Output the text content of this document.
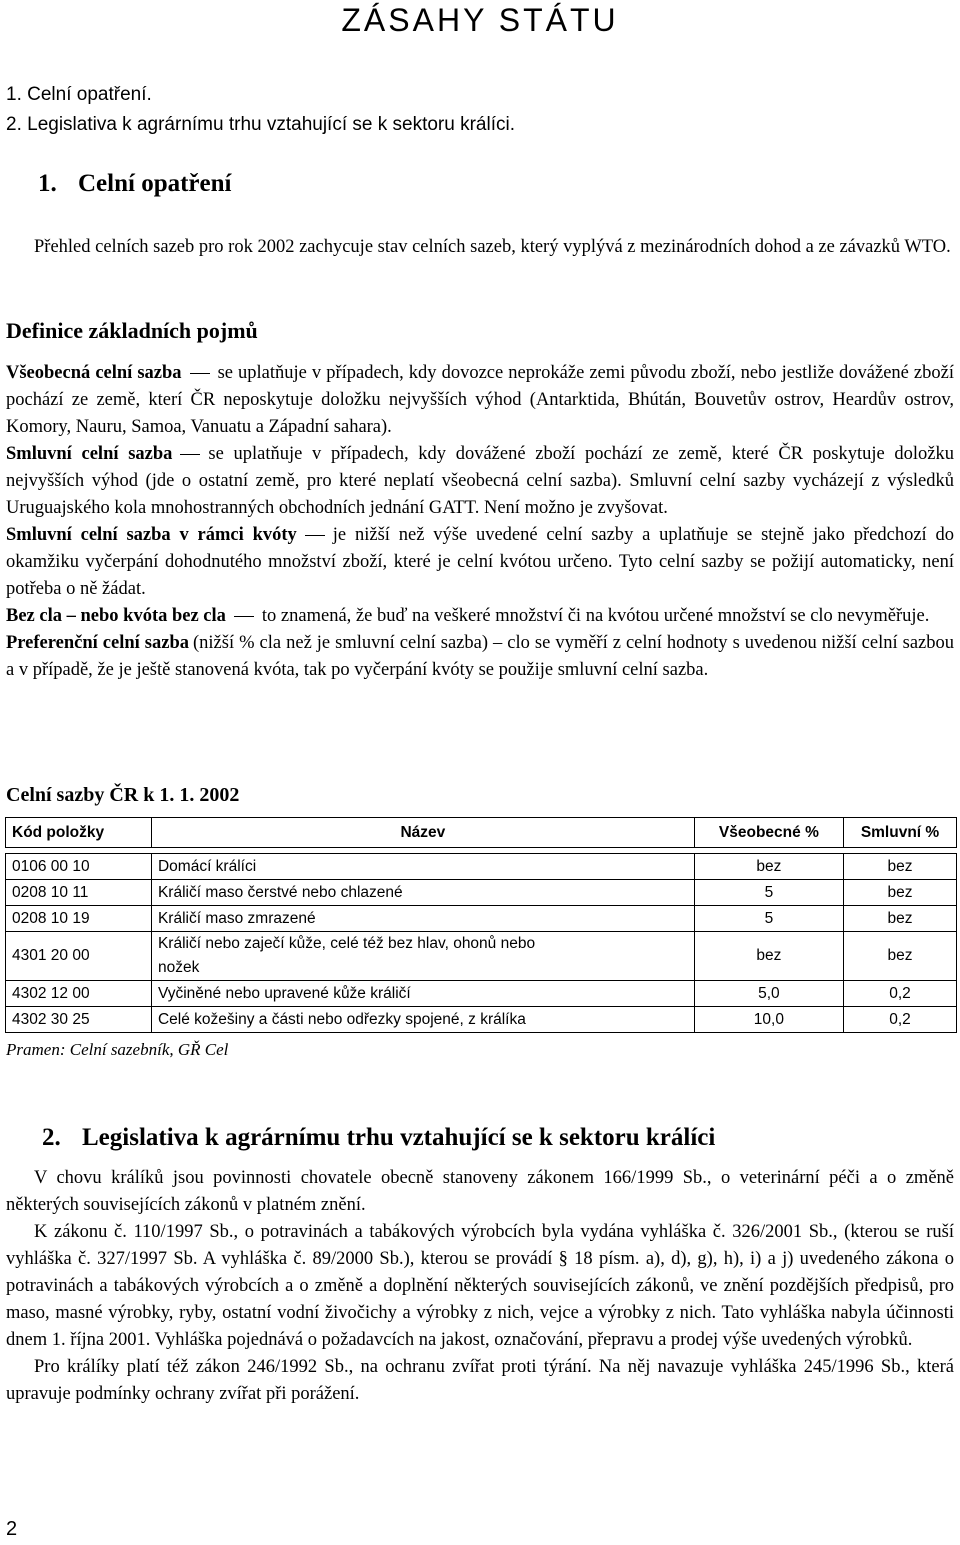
ZÁSAHY STÁTU
1. Celní opatření.
2. Legislativa k agrárnímu trhu vztahující se k sektoru králíci.
1. Celní opatření

Přehled celních sazeb pro rok 2002 zachycuje stav celních sazeb, který vyplývá z mezinárodních dohod a ze závazků WTO.

Definice základních pojmů

Všeobecná celní sazba se uplatňuje v případech, kdy dovozce neprokáže zemi původu zboží, nebo jestliže dovážené zboží pochází ze země, kterí ČR neposkytuje doložku nejvyšších výhod (Antarktida, Bhútán, Bouvetův ostrov, Heardův ostrov, Komory, Nauru, Samoa, Vanuatu a Západní sahara).

Smluvní celní sazba se uplatňuje v případech, kdy dovážené zboží pochází ze země, které ČR poskytuje doložku nejvyšších výhod (jde o ostatní země, pro které neplatí všeobecná celní sazba). Smluvní celní sazby vycházejí z výsledků Uruguajského kola mnohostranných obchodních jednání GATT. Není možno je zvyšovat.

Smluvní celní sazba v rámci kvóty je nižší než výše uvedené celní sazby a uplatňuje se stejně jako předchozí do okamžiku vyčerpání dohodnutého množství zboží, které je celní kvótou určeno. Tyto celní sazby se požijí automaticky, není potřeba o ně žádat.

Bez cla – nebo kvóta bez cla to znamená, že buď na veškeré množství či na kvótou určené množství se clo nevyměřuje.

Preferenční celní sazba (nižší % cla než je smluvní celní sazba) – clo se vyměří z celní hodnoty s uvedenou nižší celní sazbou a v případě, že je ještě stanovená kvóta, tak po vyčerpání kvóty se použije smluvní celní sazba.

Celní sazby ČR k 1. 1. 2002
Kód položky	Název	Všeobecné %	Smluvní %

0106 00 10	Domácí králíci	bez	bez
0208 10 11	Králičí maso čerstvé nebo chlazené	5	bez
0208 10 19	Králičí maso zmrazené	5	bez
4301 20 00	Králičí nebo zaječí kůže, celé též bez hlav, ohonů nebo nožek	bez	bez
4302 12 00	Vyčiněné nebo upravené kůže králičí	5,0	0,2
4302 30 25	Celé kožešiny a části nebo odřezky spojené, z králíka	10,0	0,2
Pramen: Celní sazebník, GŘ Cel
2. Legislativa k agrárnímu trhu vztahující se k sektoru králíci

V chovu králíků jsou povinnosti chovatele obecně stanoveny zákonem 166/1999 Sb., o veterinární péči a o změně některých souvisejících zákonů v platném znění.

K zákonu č. 110/1997 Sb., o potravinách a tabákových výrobcích byla vydána vyhláška č. 326/2001 Sb., (kterou se ruší vyhláška č. 327/1997 Sb. A vyhláška č. 89/2000 Sb.), kterou se provádí § 18 písm. a), d), g), h), i) a j) uvedeného zákona o potravinách a tabákových výrobcích a o změně a doplnění některých souvisejících zákonů, ve znění pozdějších předpisů, pro maso, masné výrobky, ryby, ostatní vodní živočichy a výrobky z nich, vejce a výrobky z nich. Tato vyhláška nabyla účinnosti dnem 1. října 2001. Vyhláška pojednává o požadavcích na jakost, označování, přepravu a prodej výše uvedených výrobků.

Pro králíky platí též zákon 246/1992 Sb., na ochranu zvířat proti týrání. Na něj navazuje vyhláška 245/1996 Sb., která upravuje podmínky ochrany zvířat při porážení.

2
